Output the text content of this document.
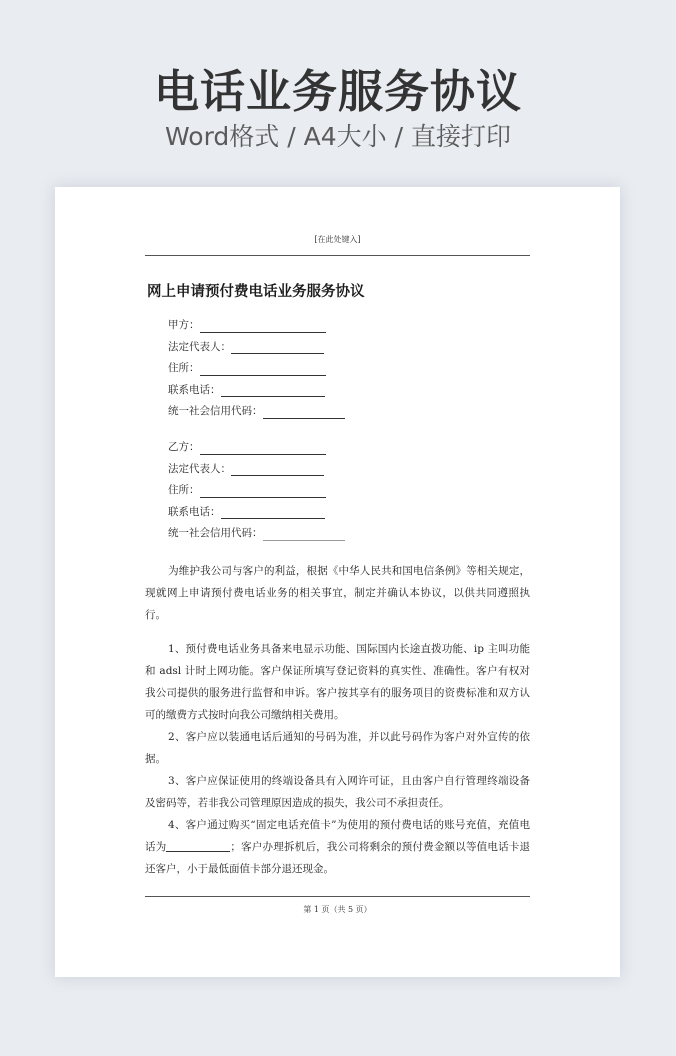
电话业务服务协议
Word格式 / A4大小 / 直接打印
[在此处键入]
网上申请预付费电话业务服务协议
甲方：
法定代表人：
住所：
联系电话：
统一社会信用代码：
乙方：
法定代表人：
住所：
联系电话：
统一社会信用代码：
为维护我公司与客户的利益，根据《中华人民共和国电信条例》等相关规定，现就网上申请预付费电话业务的相关事宜，制定并确认本协议，以供共同遵照执行。
1、预付费电话业务具备来电显示功能、国际国内长途直拨功能、ip 主叫功能和 adsl 计时上网功能。客户保证所填写登记资料的真实性、准确性。客户有权对我公司提供的服务进行监督和申诉。客户按其享有的服务项目的资费标准和双方认可的缴费方式按时向我公司缴纳相关费用。
2、客户应以装通电话后通知的号码为准，并以此号码作为客户对外宣传的依据。
3、客户应保证使用的终端设备具有入网许可证，且由客户自行管理终端设备及密码等，若非我公司管理原因造成的损失，我公司不承担责任。
4、客户通过购买“固定电话充值卡”为使用的预付费电话的账号充值，充值电话为	；客户办理拆机后，我公司将剩余的预付费金额以等值电话卡退还客户，小于最低面值卡部分退还现金。
第 1 页（共 5 页）
